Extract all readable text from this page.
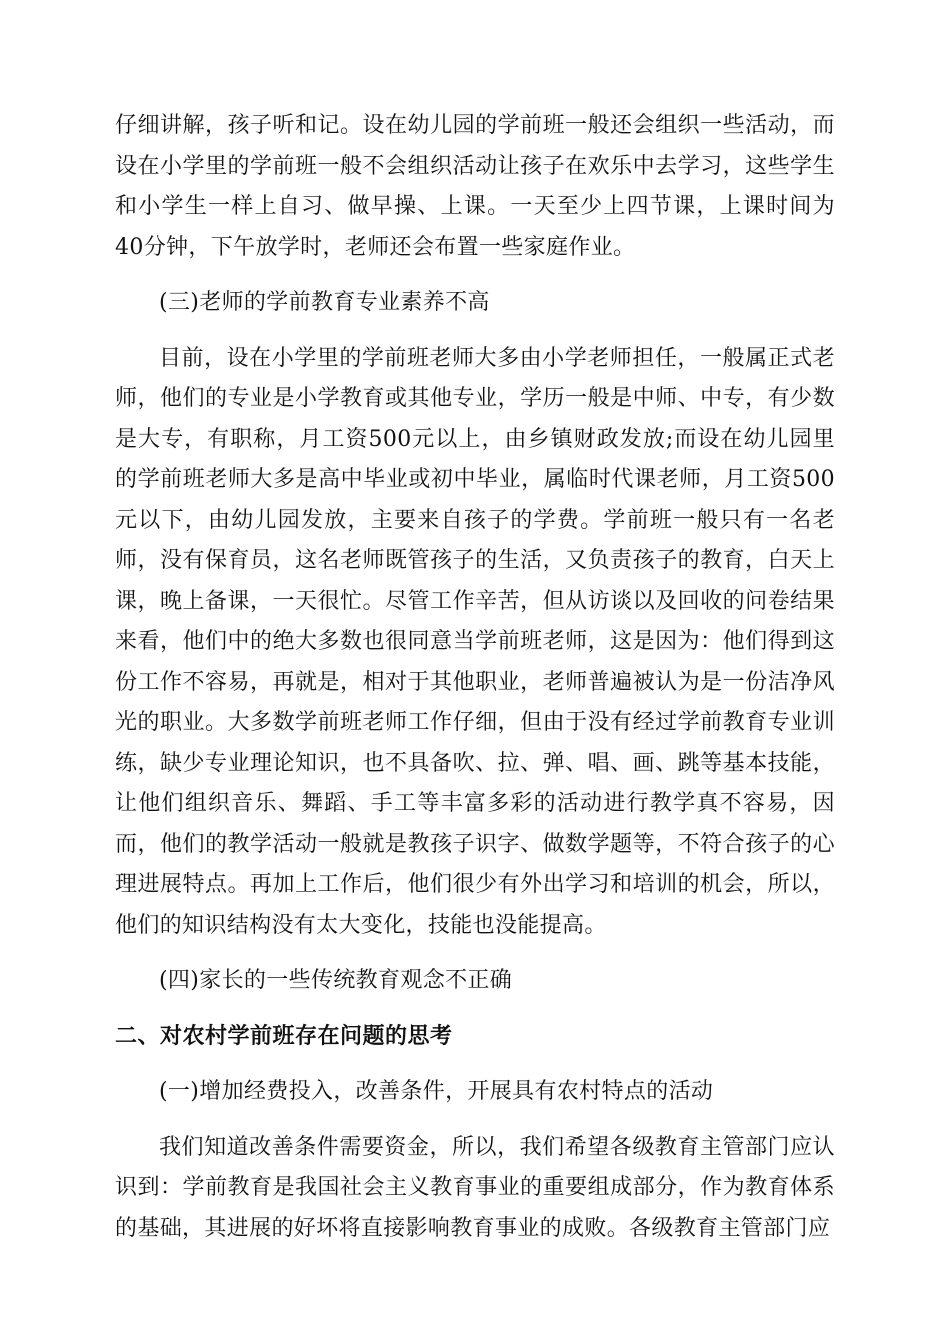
仔细讲解，孩子听和记。设在幼儿园的学前班一般还会组织一些活动，而设在小学里的学前班一般不会组织活动让孩子在欢乐中去学习，这些学生和小学生一样上自习、做早操、上课。一天至少上四节课，上课时间为40分钟，下午放学时，老师还会布置一些家庭作业。

(三)老师的学前教育专业素养不高

目前，设在小学里的学前班老师大多由小学老师担任，一般属正式老师，他们的专业是小学教育或其他专业，学历一般是中师、中专，有少数是大专，有职称，月工资500元以上，由乡镇财政发放;而设在幼儿园里的学前班老师大多是高中毕业或初中毕业，属临时代课老师，月工资500元以下，由幼儿园发放，主要来自孩子的学费。学前班一般只有一名老师，没有保育员，这名老师既管孩子的生活，又负责孩子的教育，白天上课，晚上备课，一天很忙。尽管工作辛苦，但从访谈以及回收的问卷结果来看，他们中的绝大多数也很同意当学前班老师，这是因为：他们得到这份工作不容易，再就是，相对于其他职业，老师普遍被认为是一份洁净风光的职业。大多数学前班老师工作仔细，但由于没有经过学前教育专业训练，缺少专业理论知识，也不具备吹、拉、弹、唱、画、跳等基本技能，让他们组织音乐、舞蹈、手工等丰富多彩的活动进行教学真不容易，因而，他们的教学活动一般就是教孩子识字、做数学题等，不符合孩子的心理进展特点。再加上工作后，他们很少有外出学习和培训的机会，所以，他们的知识结构没有太大变化，技能也没能提高。

(四)家长的一些传统教育观念不正确

二、对农村学前班存在问题的思考

(一)增加经费投入，改善条件，开展具有农村特点的活动

我们知道改善条件需要资金，所以，我们希望各级教育主管部门应认识到：学前教育是我国社会主义教育事业的重要组成部分，作为教育体系的基础，其进展的好坏将直接影响教育事业的成败。各级教育主管部门应
